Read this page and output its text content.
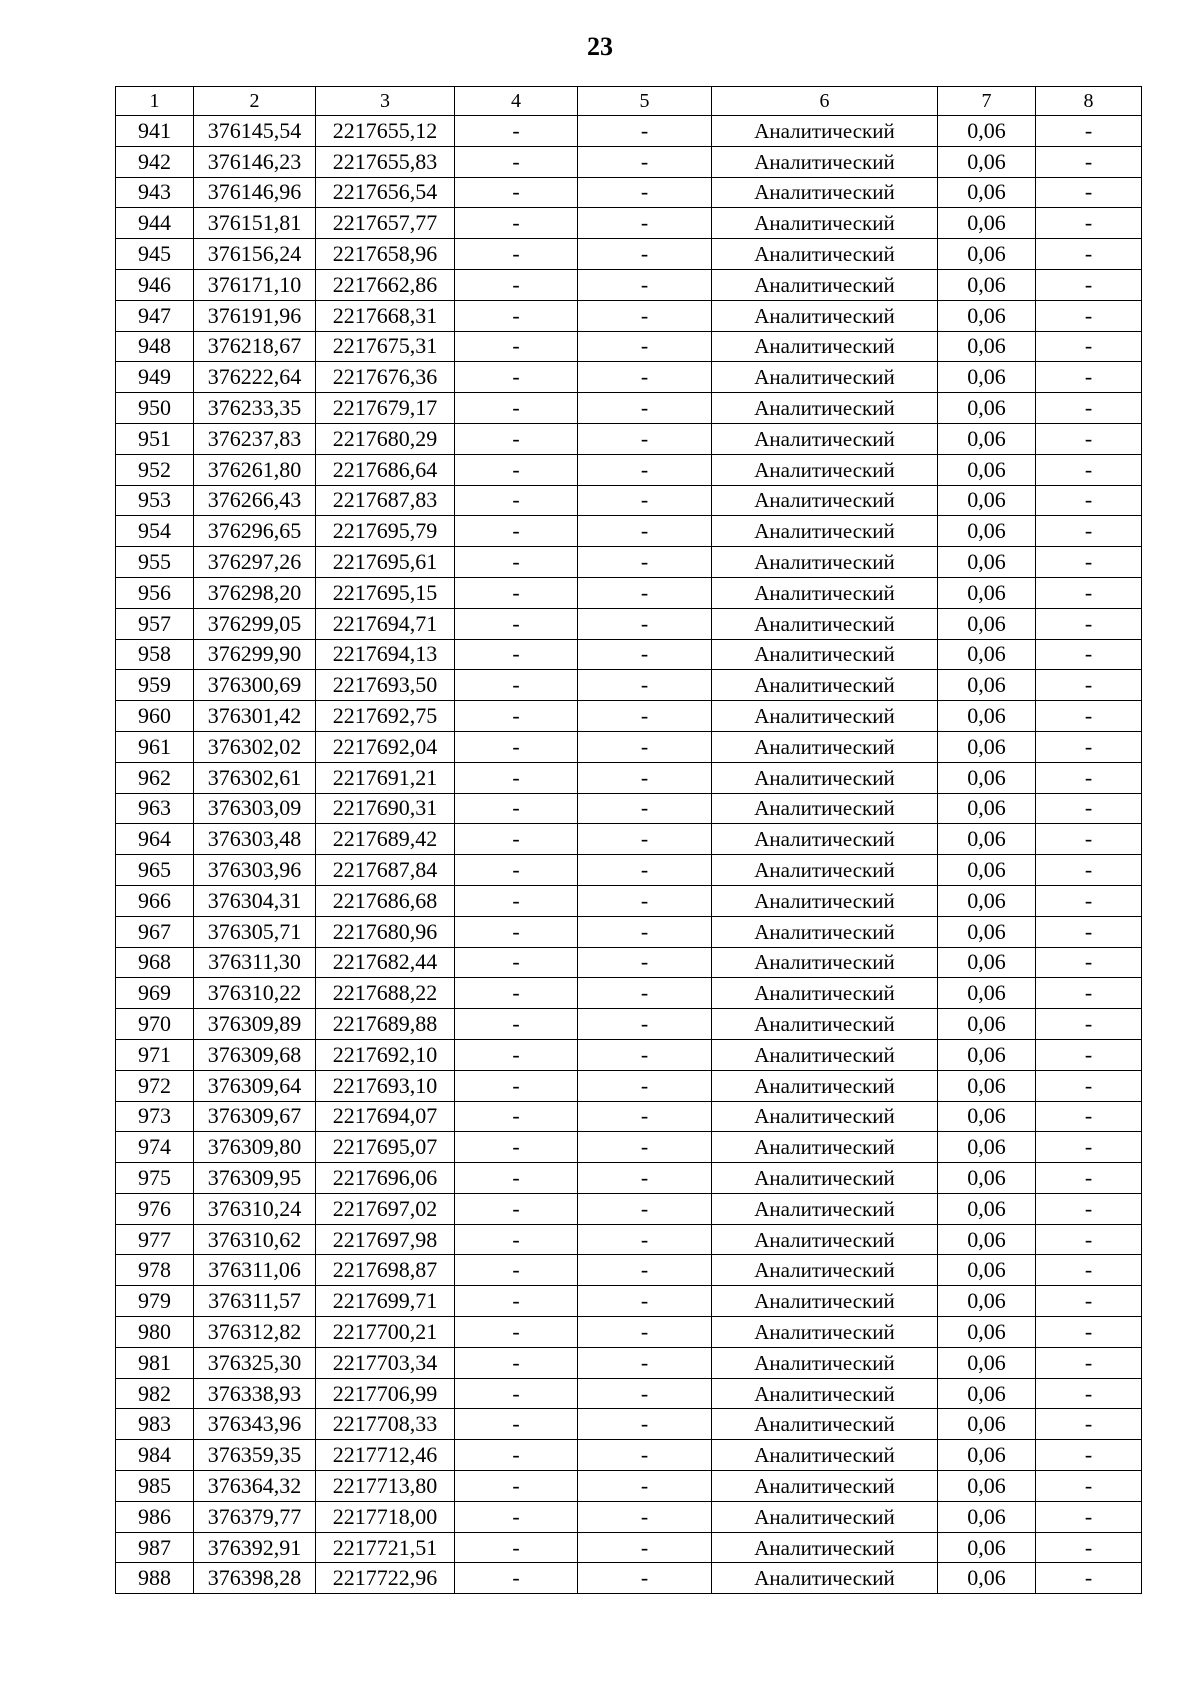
23
1	2	3	4	5	6	7	8
941	376145,54	2217655,12	-	-	Аналитический	0,06	-
942	376146,23	2217655,83	-	-	Аналитический	0,06	-
943	376146,96	2217656,54	-	-	Аналитический	0,06	-
944	376151,81	2217657,77	-	-	Аналитический	0,06	-
945	376156,24	2217658,96	-	-	Аналитический	0,06	-
946	376171,10	2217662,86	-	-	Аналитический	0,06	-
947	376191,96	2217668,31	-	-	Аналитический	0,06	-
948	376218,67	2217675,31	-	-	Аналитический	0,06	-
949	376222,64	2217676,36	-	-	Аналитический	0,06	-
950	376233,35	2217679,17	-	-	Аналитический	0,06	-
951	376237,83	2217680,29	-	-	Аналитический	0,06	-
952	376261,80	2217686,64	-	-	Аналитический	0,06	-
953	376266,43	2217687,83	-	-	Аналитический	0,06	-
954	376296,65	2217695,79	-	-	Аналитический	0,06	-
955	376297,26	2217695,61	-	-	Аналитический	0,06	-
956	376298,20	2217695,15	-	-	Аналитический	0,06	-
957	376299,05	2217694,71	-	-	Аналитический	0,06	-
958	376299,90	2217694,13	-	-	Аналитический	0,06	-
959	376300,69	2217693,50	-	-	Аналитический	0,06	-
960	376301,42	2217692,75	-	-	Аналитический	0,06	-
961	376302,02	2217692,04	-	-	Аналитический	0,06	-
962	376302,61	2217691,21	-	-	Аналитический	0,06	-
963	376303,09	2217690,31	-	-	Аналитический	0,06	-
964	376303,48	2217689,42	-	-	Аналитический	0,06	-
965	376303,96	2217687,84	-	-	Аналитический	0,06	-
966	376304,31	2217686,68	-	-	Аналитический	0,06	-
967	376305,71	2217680,96	-	-	Аналитический	0,06	-
968	376311,30	2217682,44	-	-	Аналитический	0,06	-
969	376310,22	2217688,22	-	-	Аналитический	0,06	-
970	376309,89	2217689,88	-	-	Аналитический	0,06	-
971	376309,68	2217692,10	-	-	Аналитический	0,06	-
972	376309,64	2217693,10	-	-	Аналитический	0,06	-
973	376309,67	2217694,07	-	-	Аналитический	0,06	-
974	376309,80	2217695,07	-	-	Аналитический	0,06	-
975	376309,95	2217696,06	-	-	Аналитический	0,06	-
976	376310,24	2217697,02	-	-	Аналитический	0,06	-
977	376310,62	2217697,98	-	-	Аналитический	0,06	-
978	376311,06	2217698,87	-	-	Аналитический	0,06	-
979	376311,57	2217699,71	-	-	Аналитический	0,06	-
980	376312,82	2217700,21	-	-	Аналитический	0,06	-
981	376325,30	2217703,34	-	-	Аналитический	0,06	-
982	376338,93	2217706,99	-	-	Аналитический	0,06	-
983	376343,96	2217708,33	-	-	Аналитический	0,06	-
984	376359,35	2217712,46	-	-	Аналитический	0,06	-
985	376364,32	2217713,80	-	-	Аналитический	0,06	-
986	376379,77	2217718,00	-	-	Аналитический	0,06	-
987	376392,91	2217721,51	-	-	Аналитический	0,06	-
988	376398,28	2217722,96	-	-	Аналитический	0,06	-
